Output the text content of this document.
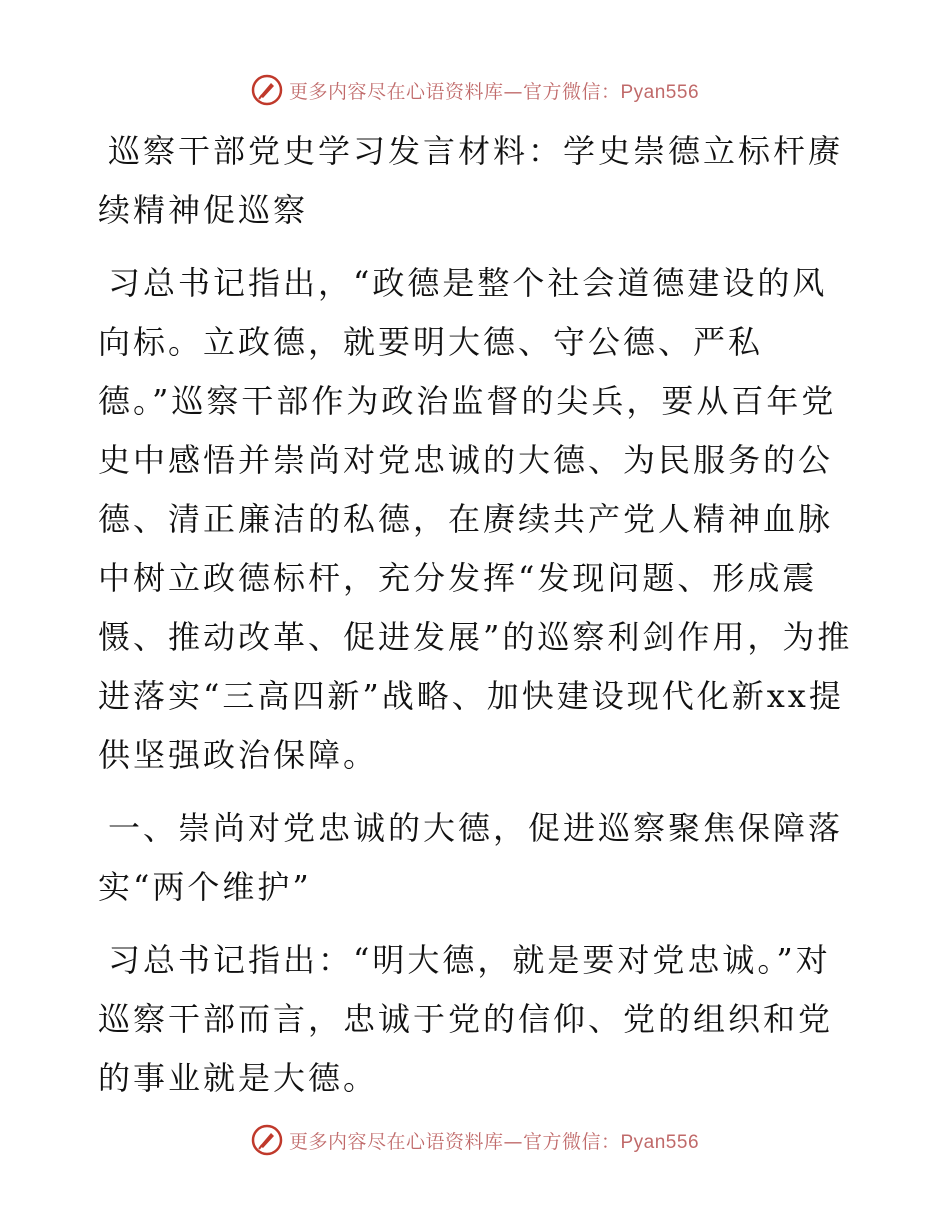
更多内容尽在心语资料库—官方微信：Pyan556

巡察干部党史学习发言材料：学史崇德立标杆赓续精神促巡察

习总书记指出，“政德是整个社会道德建设的风向标。立政德，就要明大德、守公德、严私德。”巡察干部作为政治监督的尖兵，要从百年党史中感悟并崇尚对党忠诚的大德、为民服务的公德、清正廉洁的私德，在赓续共产党人精神血脉中树立政德标杆，充分发挥“发现问题、形成震慑、推动改革、促进发展”的巡察利剑作用，为推进落实“三高四新”战略、加快建设现代化新xx提供坚强政治保障。

一、崇尚对党忠诚的大德，促进巡察聚焦保障落实“两个维护”

习总书记指出：“明大德，就是要对党忠诚。”对巡察干部而言，忠诚于党的信仰、党的组织和党的事业就是大德。

更多内容尽在心语资料库—官方微信：Pyan556
